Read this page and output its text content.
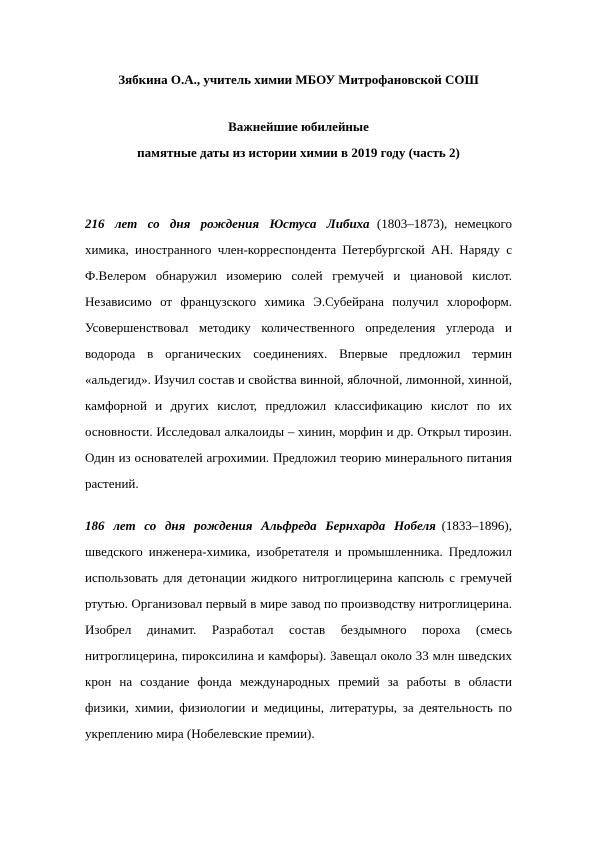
Зябкина О.А., учитель химии МБОУ Митрофановской СОШ
Важнейшие юбилейные
памятные даты из истории химии в 2019 году (часть 2)

216 лет со дня рождения Юстуса Либиха (1803–1873), немецкого химика, иностранного член-корреспондента Петербургской АН. Наряду с Ф.Велером обнаружил изомерию солей гремучей и циановой кислот. Независимо от французского химика Э.Субейрана получил хлороформ. Усовершенствовал методику количественного определения углерода и водорода в органических соединениях. Впервые предложил термин «альдегид». Изучил состав и свойства винной, яблочной, лимонной, хинной, камфорной и других кислот, предложил классификацию кислот по их основности. Исследовал алкалоиды – хинин, морфин и др. Открыл тирозин. Один из основателей агрохимии. Предложил теорию минерального питания растений.

186 лет со дня рождения Альфреда Бернхарда Нобеля (1833–1896), шведского инженера-химика, изобретателя и промышленника. Предложил использовать для детонации жидкого нитроглицерина капсюль с гремучей ртутью. Организовал первый в мире завод по производству нитроглицерина. Изобрел динамит. Разработал состав бездымного пороха (смесь нитроглицерина, пироксилина и камфоры). Завещал около 33 млн шведских крон на создание фонда международных премий за работы в области физики, химии, физиологии и медицины, литературы, за деятельность по укреплению мира (Нобелевские премии).
